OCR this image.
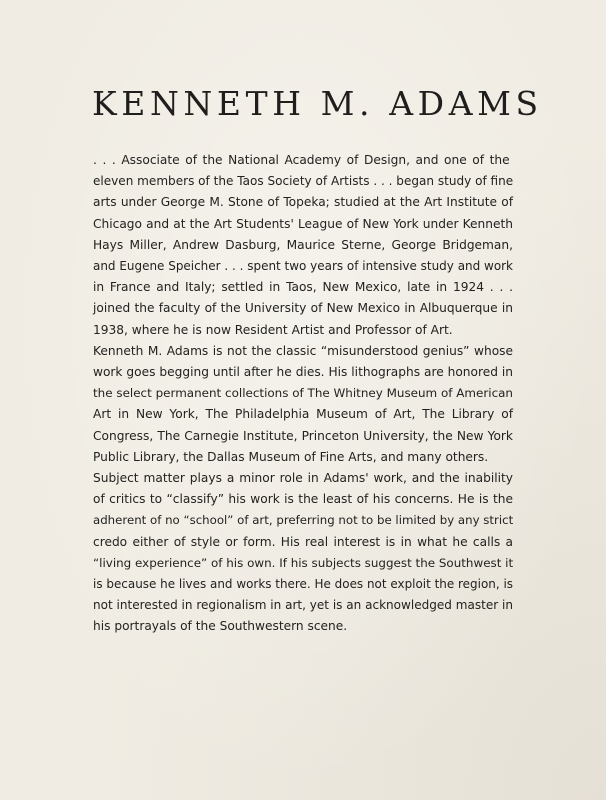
KENNETH M. ADAMS

. . . Associate of the National Academy of Design, and one of the
eleven members of the Taos Society of Artists . . . began study of fine
arts under George M. Stone of Topeka; studied at the Art Institute of
Chicago and at the Art Students' League of New York under Kenneth
Hays Miller, Andrew Dasburg, Maurice Sterne, George Bridgeman,
and Eugene Speicher . . . spent two years of intensive study and work
in France and Italy; settled in Taos, New Mexico, late in 1924 . . .
joined the faculty of the University of New Mexico in Albuquerque in
1938, where he is now Resident Artist and Professor of Art.

Kenneth M. Adams is not the classic “misunderstood genius” whose
work goes begging until after he dies. His lithographs are honored in
the select permanent collections of The Whitney Museum of American
Art in New York, The Philadelphia Museum of Art, The Library of
Congress, The Carnegie Institute, Princeton University, the New York
Public Library, the Dallas Museum of Fine Arts, and many others.

Subject matter plays a minor role in Adams' work, and the inability
of critics to “classify” his work is the least of his concerns. He is the
adherent of no “school” of art, preferring not to be limited by any strict
credo either of style or form. His real interest is in what he calls a
“living experience” of his own. If his subjects suggest the Southwest it
is because he lives and works there. He does not exploit the region, is
not interested in regionalism in art, yet is an acknowledged master in
his portrayals of the Southwestern scene.
